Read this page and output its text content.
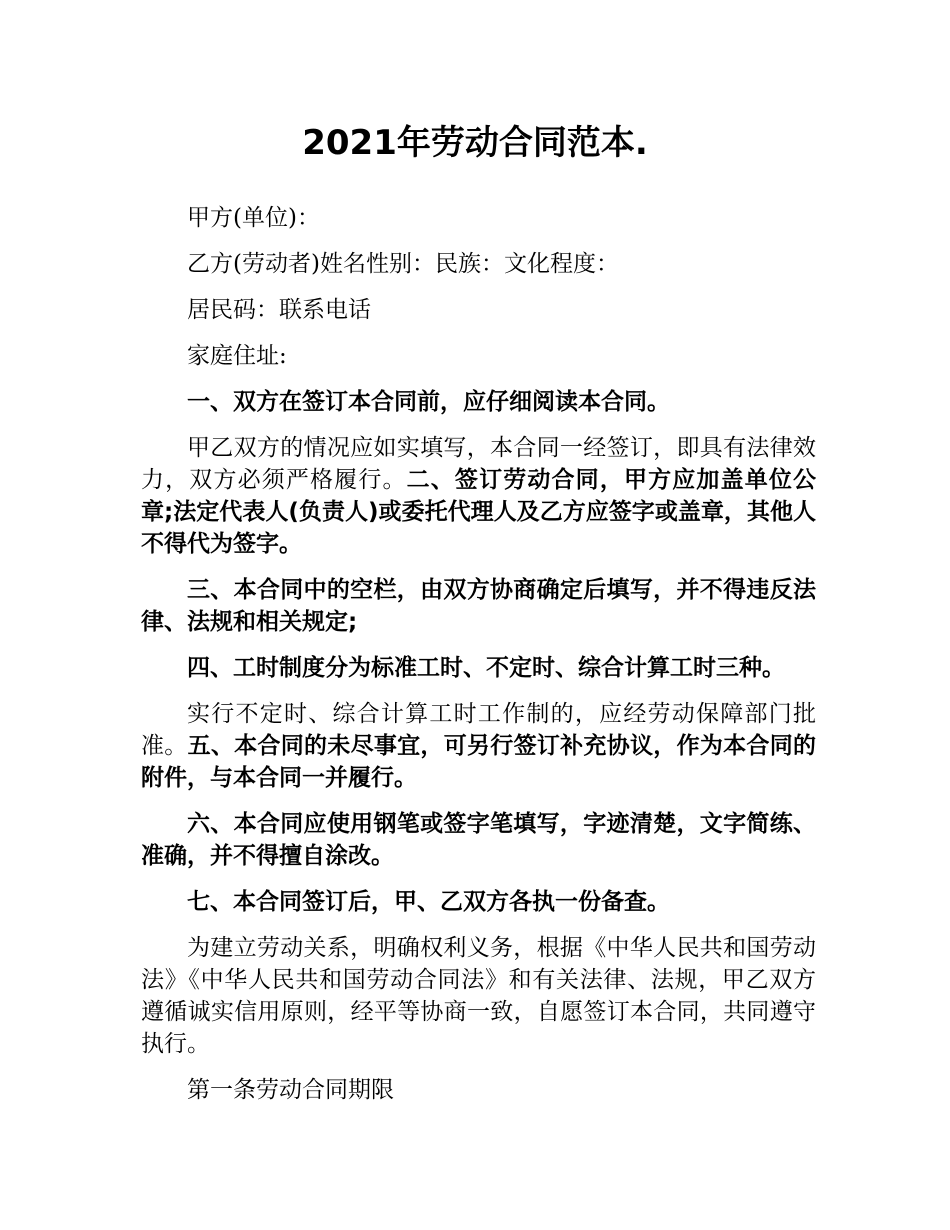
2021年劳动合同范本.

甲方(单位)：

乙方(劳动者)姓名性别：民族：文化程度：

居民码：联系电话

家庭住址:

一、双方在签订本合同前，应仔细阅读本合同。

甲乙双方的情况应如实填写，本合同一经签订，即具有法律效力，双方必须严格履行。二、签订劳动合同，甲方应加盖单位公章;法定代表人(负责人)或委托代理人及乙方应签字或盖章，其他人不得代为签字。

三、本合同中的空栏，由双方协商确定后填写，并不得违反法律、法规和相关规定;

四、工时制度分为标准工时、不定时、综合计算工时三种。

实行不定时、综合计算工时工作制的，应经劳动保障部门批准。五、本合同的未尽事宜，可另行签订补充协议，作为本合同的附件，与本合同一并履行。

六、本合同应使用钢笔或签字笔填写，字迹清楚，文字简练、准确，并不得擅自涂改。

七、本合同签订后，甲、乙双方各执一份备查。

为建立劳动关系，明确权利义务，根据《中华人民共和国劳动法》《中华人民共和国劳动合同法》和有关法律、法规，甲乙双方遵循诚实信用原则，经平等协商一致，自愿签订本合同，共同遵守执行。

第一条劳动合同期限
